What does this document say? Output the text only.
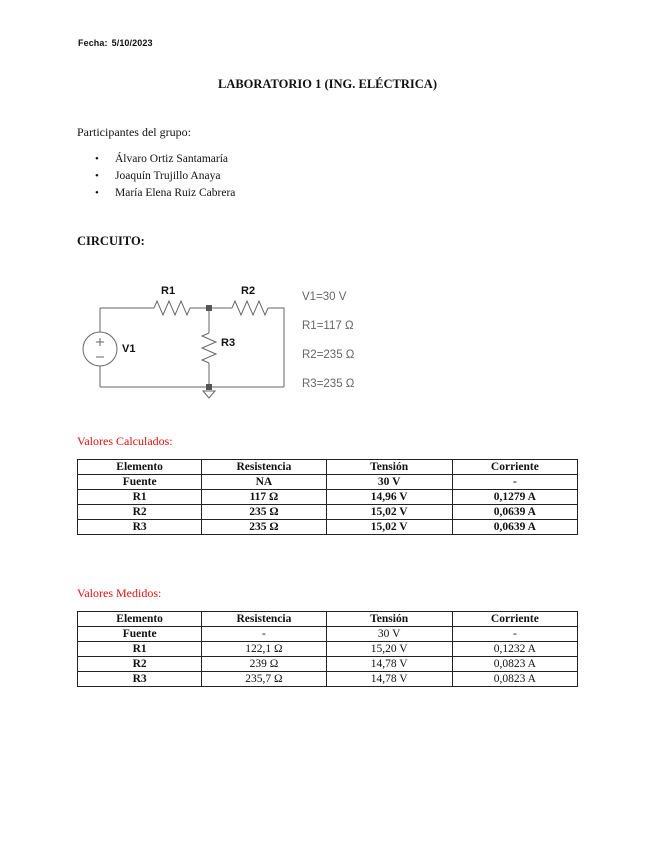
Fecha: 5/10/2023
LABORATORIO 1 (ING. ELÉCTRICA)
Participantes del grupo:
• Álvaro Ortiz Santamaría
• Joaquín Trujillo Anaya
• María Elena Ruiz Cabrera
CIRCUITO:
R1	R2
R3
V1
V1=30 V
R1=117 Ω
R2=235 Ω
R3=235 Ω
Valores Calculados:
Elemento	Resistencia	Tensión	Corriente
Fuente	NA	30 V	-
R1	117 Ω	14,96 V	0,1279 A
R2	235 Ω	15,02 V	0,0639 A
R3	235 Ω	15,02 V	0,0639 A
Valores Medidos:
Elemento	Resistencia	Tensión	Corriente
Fuente	-	30 V	-
R1	122,1 Ω	15,20 V	0,1232 A
R2	239 Ω	14,78 V	0,0823 A
R3	235,7 Ω	14,78 V	0,0823 A
